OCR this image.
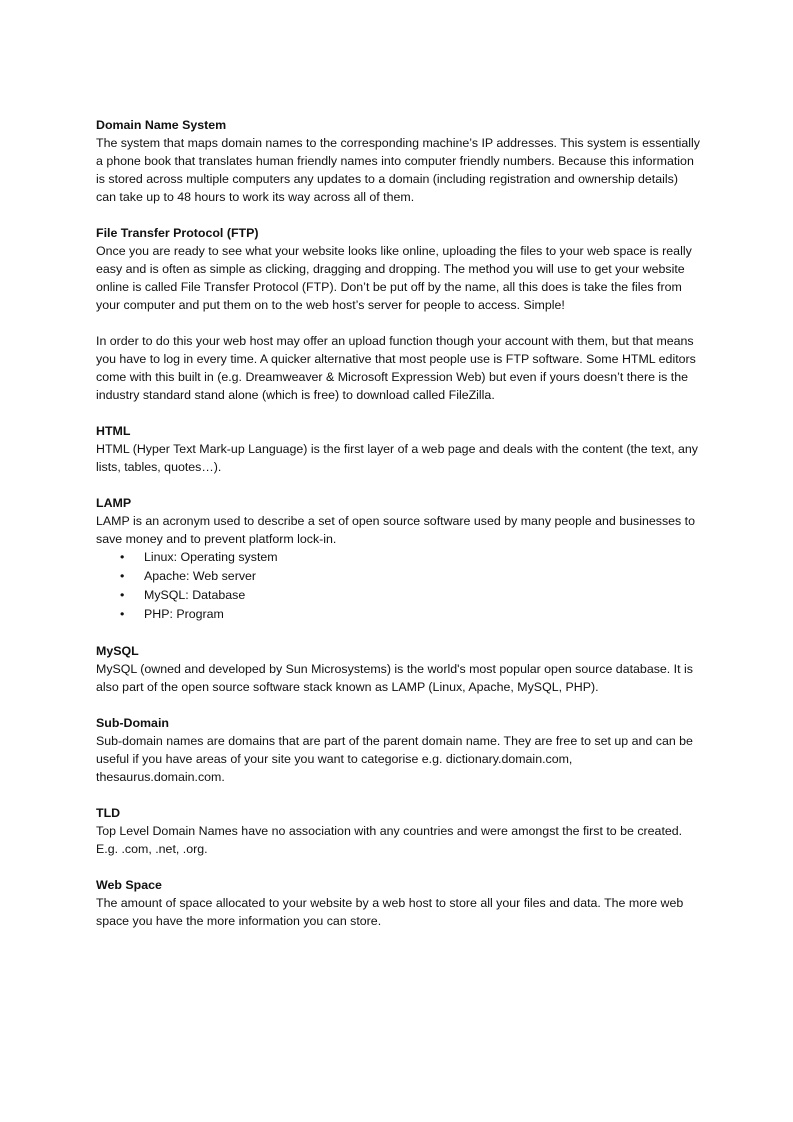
Domain Name System

The system that maps domain names to the corresponding machine’s IP addresses. This system is essentially a phone book that translates human friendly names into computer friendly numbers. Because this information is stored across multiple computers any updates to a domain (including registration and ownership details) can take up to 48 hours to work its way across all of them.

File Transfer Protocol (FTP)

Once you are ready to see what your website looks like online, uploading the files to your web space is really easy and is often as simple as clicking, dragging and dropping. The method you will use to get your website online is called File Transfer Protocol (FTP). Don’t be put off by the name, all this does is take the files from your computer and put them on to the web host’s server for people to access. Simple!

In order to do this your web host may offer an upload function though your account with them, but that means you have to log in every time. A quicker alternative that most people use is FTP software. Some HTML editors come with this built in (e.g. Dreamweaver & Microsoft Expression Web) but even if yours doesn’t there is the industry standard stand alone (which is free) to download called FileZilla.

HTML

HTML (Hyper Text Mark-up Language) is the first layer of a web page and deals with the content (the text, any lists, tables, quotes…).

LAMP

LAMP is an acronym used to describe a set of open source software used by many people and businesses to save money and to prevent platform lock-in.

• Linux: Operating system
• Apache: Web server
• MySQL: Database
• PHP: Program

MySQL

MySQL (owned and developed by Sun Microsystems) is the world's most popular open source database. It is also part of the open source software stack known as LAMP (Linux, Apache, MySQL, PHP).

Sub-Domain

Sub-domain names are domains that are part of the parent domain name. They are free to set up and can be useful if you have areas of your site you want to categorise e.g. dictionary.domain.com, thesaurus.domain.com.

TLD

Top Level Domain Names have no association with any countries and were amongst the first to be created. E.g. .com, .net, .org.

Web Space

The amount of space allocated to your website by a web host to store all your files and data. The more web space you have the more information you can store.
